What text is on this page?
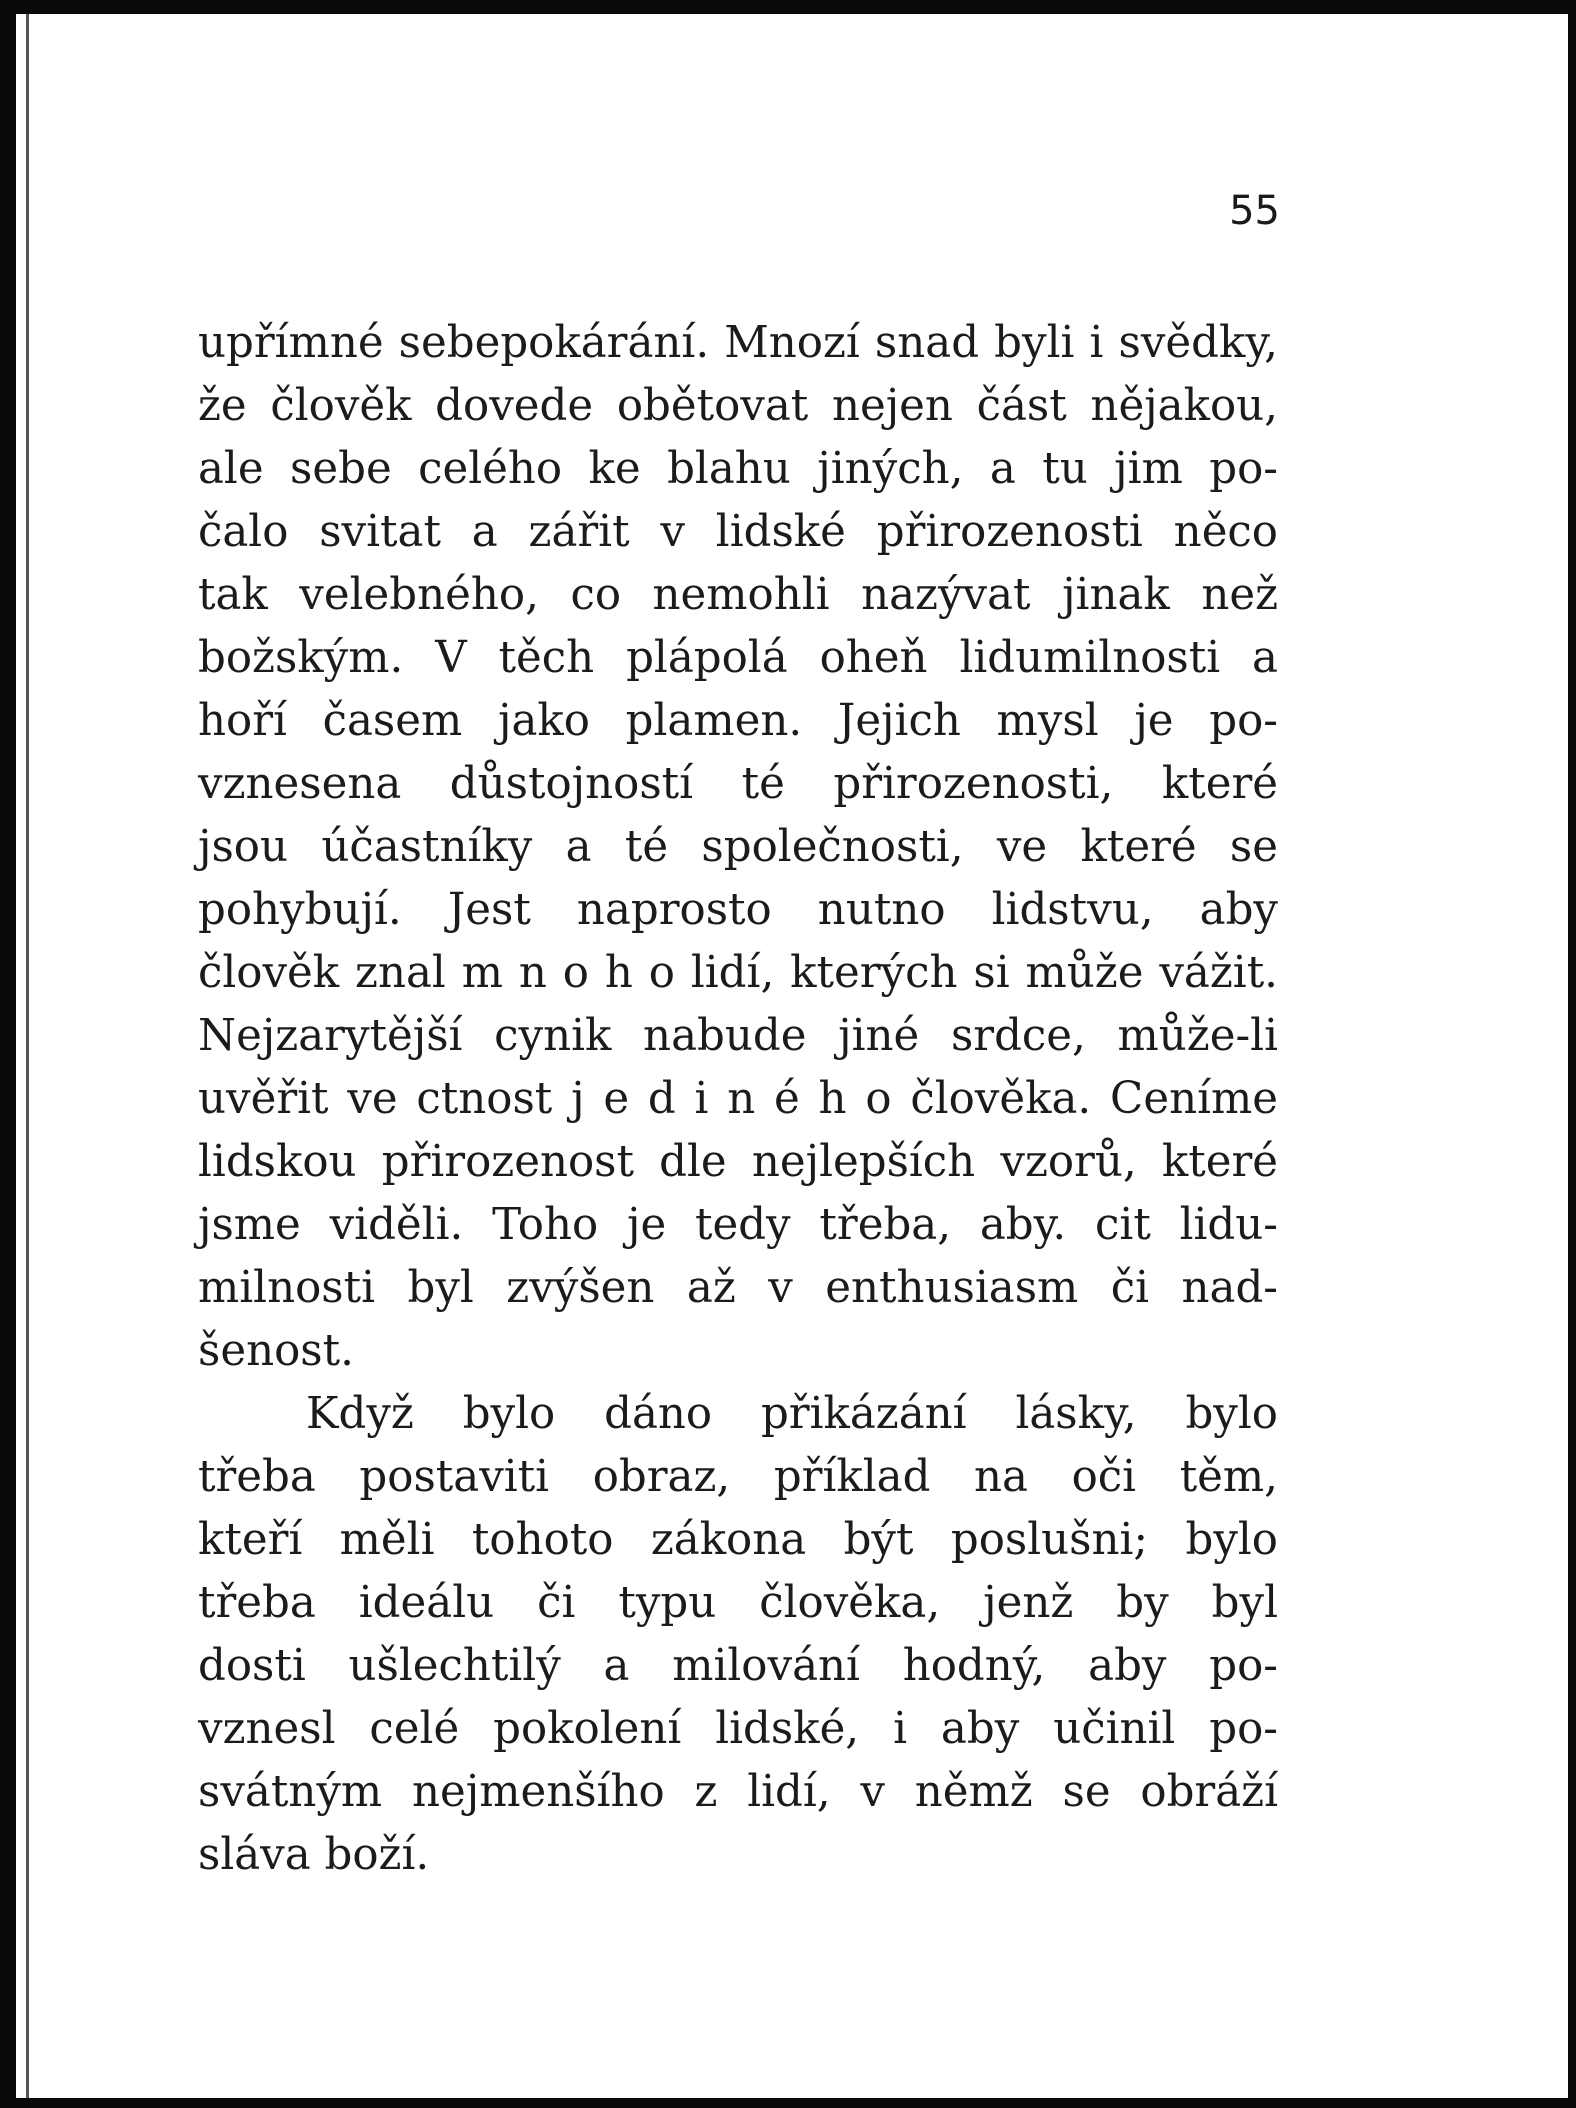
55
upřímné sebepokárání. Mnozí snad byli i svědky,
že člověk dovede obětovat nejen část nějakou,
ale sebe celého ke blahu jiných, a tu jim po-
čalo svitat a zářit v lidské přirozenosti něco
tak velebného, co nemohli nazývat jinak než
božským. V těch plápolá oheň lidumilnosti a
hoří časem jako plamen. Jejich mysl je po-
vznesena důstojností té přirozenosti, které
jsou účastníky a té společnosti, ve které se
pohybují. Jest naprosto nutno lidstvu, aby
člověk znal m n o h o lidí, kterých si může vážit.
Nejzarytější cynik nabude jiné srdce, může-li
uvěřit ve ctnost j e d i n é h o člověka. Ceníme
lidskou přirozenost dle nejlepších vzorů, které
jsme viděli. Toho je tedy třeba, aby. cit lidu-
milnosti byl zvýšen až v enthusiasm či nad-
šenost.
Když bylo dáno přikázání lásky, bylo
třeba postaviti obraz, příklad na oči těm,
kteří měli tohoto zákona být poslušni; bylo
třeba ideálu či typu člověka, jenž by byl
dosti ušlechtilý a milování hodný, aby po-
vznesl celé pokolení lidské, i aby učinil po-
svátným nejmenšího z lidí, v němž se obráží
sláva boží.
